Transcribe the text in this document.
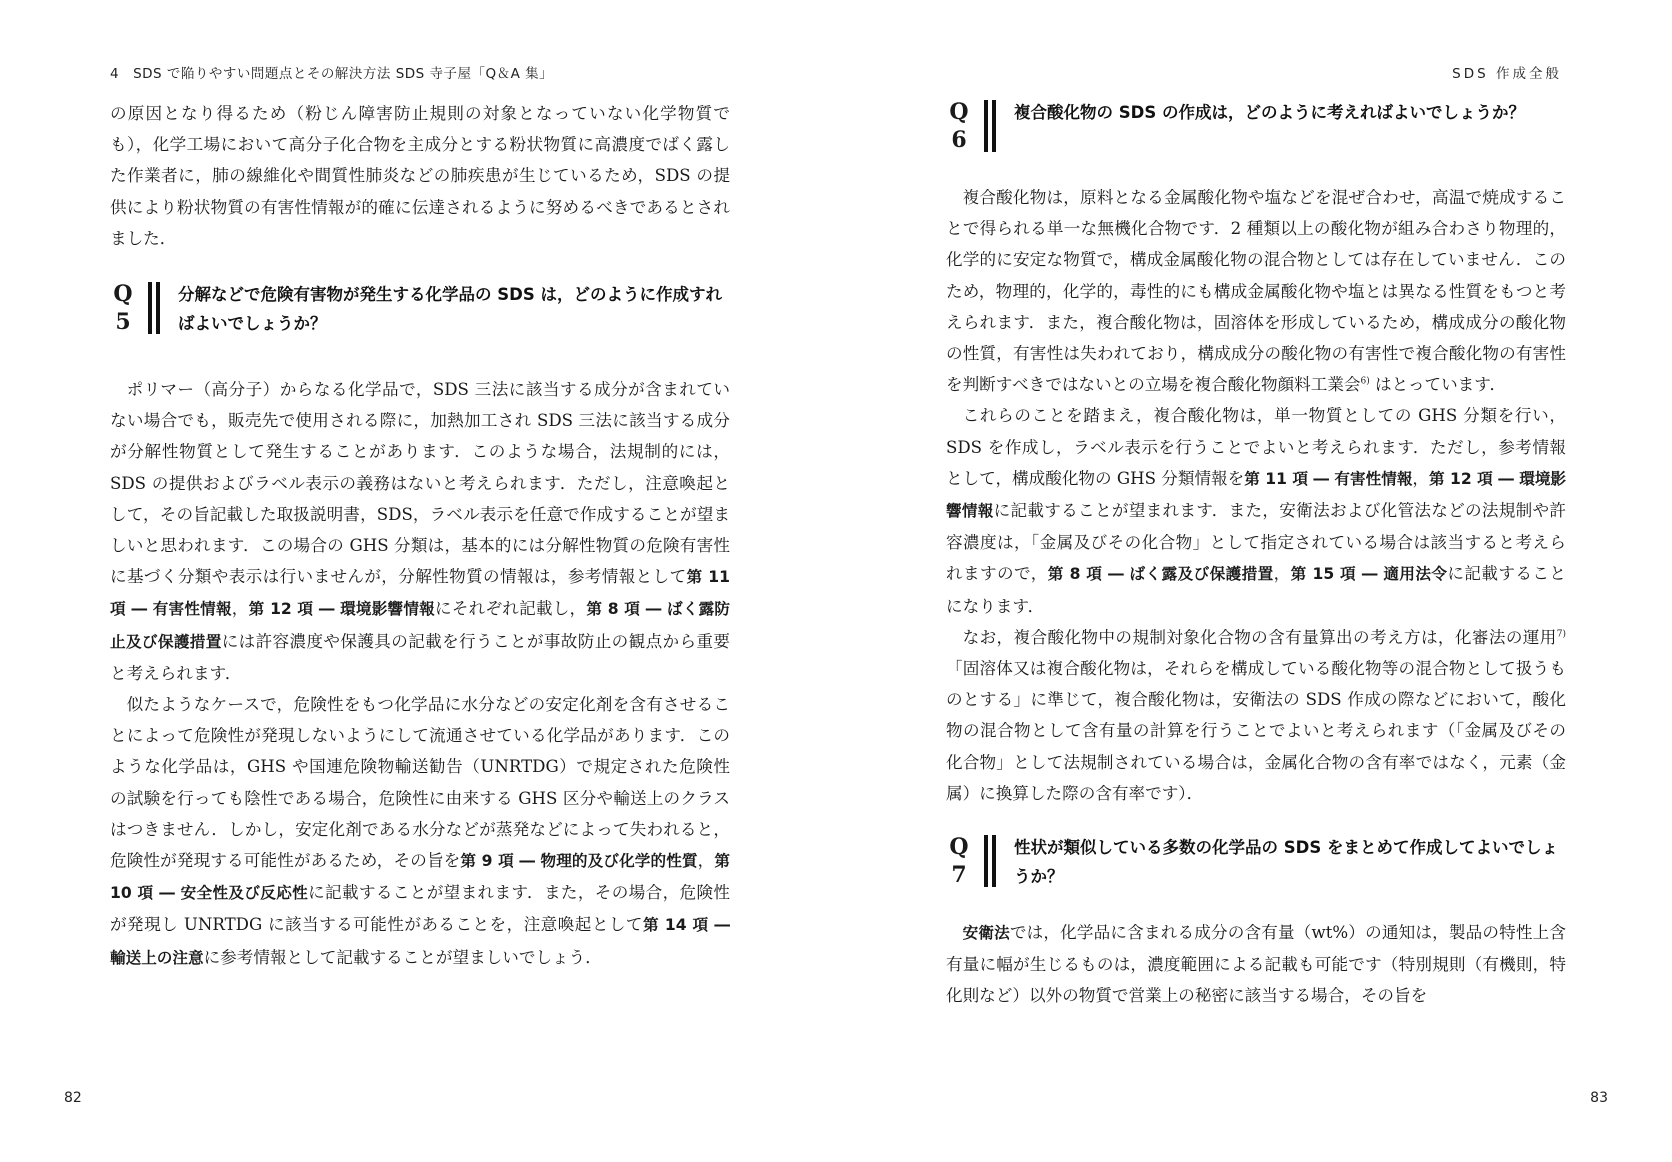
4　SDS で陥りやすい問題点とその解決方法 SDS 寺子屋「Q＆A 集」

の原因となり得るため（粉じん障害防止規則の対象となっていない化学物質でも），化学工場において高分子化合物を主成分とする粉状物質に高濃度でばく露した作業者に，肺の線維化や間質性肺炎などの肺疾患が生じているため，SDS の提供により粉状物質の有害性情報が的確に伝達されるように努めるべきであるとされました．

Q
5
分解などで危険有害物が発生する化学品の SDS は，どのように作成すればよいでしょうか？

ポリマー（高分子）からなる化学品で，SDS 三法に該当する成分が含まれていない場合でも，販売先で使用される際に，加熱加工され SDS 三法に該当する成分が分解性物質として発生することがあります．このような場合，法規制的には，SDS の提供およびラベル表示の義務はないと考えられます．ただし，注意喚起として，その旨記載した取扱説明書，SDS，ラベル表示を任意で作成することが望ましいと思われます．この場合の GHS 分類は，基本的には分解性物質の危険有害性に基づく分類や表示は行いませんが，分解性物質の情報は，参考情報として第 11 項 ― 有害性情報，第 12 項 ― 環境影響情報にそれぞれ記載し，第 8 項 ― ばく露防止及び保護措置には許容濃度や保護具の記載を行うことが事故防止の観点から重要と考えられます．

似たようなケースで，危険性をもつ化学品に水分などの安定化剤を含有させることによって危険性が発現しないようにして流通させている化学品があります．このような化学品は，GHS や国連危険物輸送勧告（UNRTDG）で規定された危険性の試験を行っても陰性である場合，危険性に由来する GHS 区分や輸送上のクラスはつきません．しかし，安定化剤である水分などが蒸発などによって失われると，危険性が発現する可能性があるため，その旨を第 9 項 ― 物理的及び化学的性質，第 10 項 ― 安全性及び反応性に記載することが望まれます．また，その場合，危険性が発現し UNRTDG に該当する可能性があることを，注意喚起として第 14 項 ― 輸送上の注意に参考情報として記載することが望ましいでしょう．

82
SDS 作成全般
Q
6
複合酸化物の SDS の作成は，どのように考えればよいでしょうか？

複合酸化物は，原料となる金属酸化物や塩などを混ぜ合わせ，高温で焼成することで得られる単一な無機化合物です．2 種類以上の酸化物が組み合わさり物理的，化学的に安定な物質で，構成金属酸化物の混合物としては存在していません．このため，物理的，化学的，毒性的にも構成金属酸化物や塩とは異なる性質をもつと考えられます．また，複合酸化物は，固溶体を形成しているため，構成成分の酸化物の性質，有害性は失われており，構成成分の酸化物の有害性で複合酸化物の有害性を判断すべきではないとの立場を複合酸化物顔料工業会$^{6)}$ はとっています．

これらのことを踏まえ，複合酸化物は，単一物質としての GHS 分類を行い，SDS を作成し，ラベル表示を行うことでよいと考えられます．ただし，参考情報として，構成酸化物の GHS 分類情報を第 11 項 ― 有害性情報，第 12 項 ― 環境影響情報に記載することが望まれます．また，安衛法および化管法などの法規制や許容濃度は，「金属及びその化合物」として指定されている場合は該当すると考えられますので，第 8 項 ― ばく露及び保護措置，第 15 項 ― 適用法令に記載することになります．

なお，複合酸化物中の規制対象化合物の含有量算出の考え方は，化審法の運用$^{7)}$「固溶体又は複合酸化物は，それらを構成している酸化物等の混合物として扱うものとする」に準じて，複合酸化物は，安衛法の SDS 作成の際などにおいて，酸化物の混合物として含有量の計算を行うことでよいと考えられます（「金属及びその化合物」として法規制されている場合は，金属化合物の含有率ではなく，元素（金属）に換算した際の含有率です）．

Q
7
性状が類似している多数の化学品の SDS をまとめて作成してよいでしょうか？

安衛法では，化学品に含まれる成分の含有量（wt%）の通知は，製品の特性上含有量に幅が生じるものは，濃度範囲による記載も可能です（特別規則（有機則，特化則など）以外の物質で営業上の秘密に該当する場合，その旨を

83
